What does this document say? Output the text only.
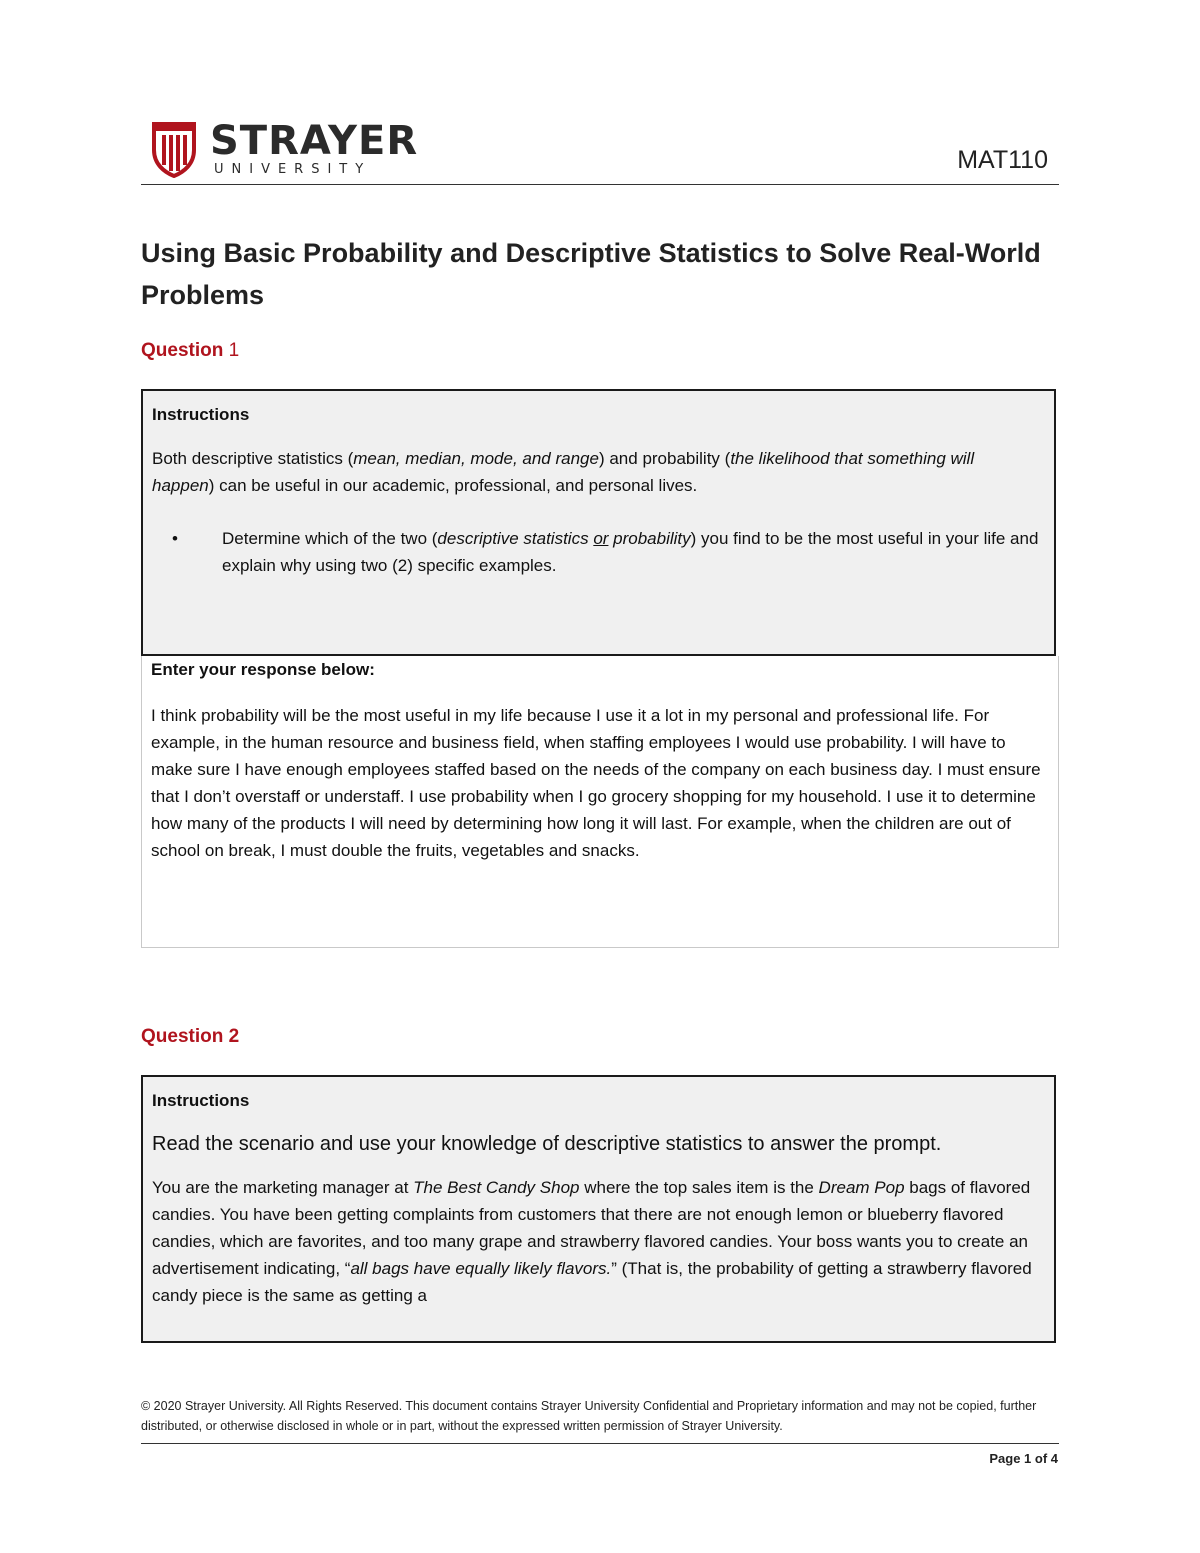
STRAYER
UNIVERSITY	MAT110
Using Basic Probability and Descriptive Statistics to Solve Real-World Problems
Question 1
Instructions
Both descriptive statistics (mean, median, mode, and range) and probability (the likelihood that something will happen) can be useful in our academic, professional, and personal lives.
•	Determine which of the two (descriptive statistics or probability) you find to be the most useful in your life and explain why using two (2) specific examples.
Enter your response below:
I think probability will be the most useful in my life because I use it a lot in my personal and professional life. For example, in the human resource and business field, when staffing employees I would use probability. I will have to make sure I have enough employees staffed based on the needs of the company on each business day. I must ensure that I don’t overstaff or understaff. I use probability when I go grocery shopping for my household. I use it to determine how many of the products I will need by determining how long it will last. For example, when the children are out of school on break, I must double the fruits, vegetables and snacks.
Question 2
Instructions
Read the scenario and use your knowledge of descriptive statistics to answer the prompt.
You are the marketing manager at The Best Candy Shop where the top sales item is the Dream Pop bags of flavored candies. You have been getting complaints from customers that there are not enough lemon or blueberry flavored candies, which are favorites, and too many grape and strawberry flavored candies. Your boss wants you to create an advertisement indicating, “all bags have equally likely flavors.” (That is, the probability of getting a strawberry flavored candy piece is the same as getting a
© 2020 Strayer University. All Rights Reserved. This document contains Strayer University Confidential and Proprietary information and may not be copied, further distributed, or otherwise disclosed in whole or in part, without the expressed written permission of Strayer University.
Page 1 of 4
